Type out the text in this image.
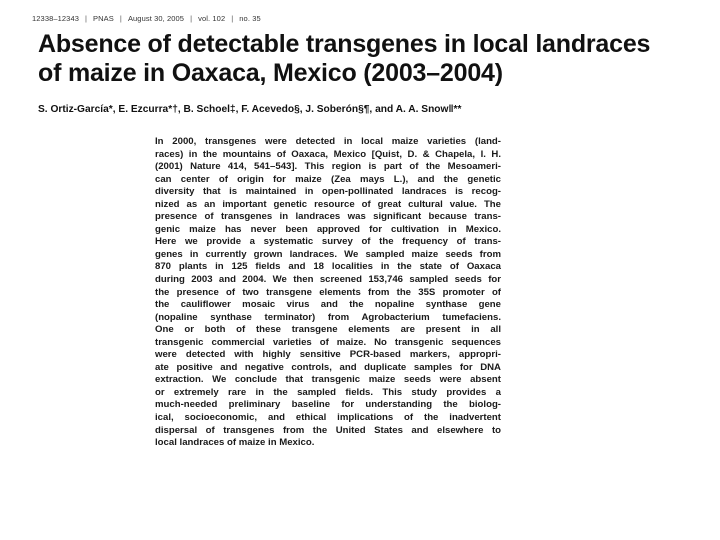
12338–12343 | PNAS | August 30, 2005 | vol. 102 | no. 35
Absence of detectable transgenes in local landraces
of maize in Oaxaca, Mexico (2003–2004)
S. Ortiz-García*, E. Ezcurra*†, B. Schoel‡, F. Acevedo§, J. Soberón§¶, and A. A. Snow‖**

In 2000, transgenes were detected in local maize varieties (land-
races) in the mountains of Oaxaca, Mexico [Quist, D. & Chapela, I. H.
(2001) Nature 414, 541–543]. This region is part of the Mesoameri-
can center of origin for maize (Zea mays L.), and the genetic
diversity that is maintained in open-pollinated landraces is recog-
nized as an important genetic resource of great cultural value. The
presence of transgenes in landraces was significant because trans-
genic maize has never been approved for cultivation in Mexico.
Here we provide a systematic survey of the frequency of trans-
genes in currently grown landraces. We sampled maize seeds from
870 plants in 125 fields and 18 localities in the state of Oaxaca
during 2003 and 2004. We then screened 153,746 sampled seeds for
the presence of two transgene elements from the 35S promoter of
the cauliflower mosaic virus and the nopaline synthase gene
(nopaline synthase terminator) from Agrobacterium tumefaciens.
One or both of these transgene elements are present in all
transgenic commercial varieties of maize. No transgenic sequences
were detected with highly sensitive PCR-based markers, appropri-
ate positive and negative controls, and duplicate samples for DNA
extraction. We conclude that transgenic maize seeds were absent
or extremely rare in the sampled fields. This study provides a
much-needed preliminary baseline for understanding the biolog-
ical, socioeconomic, and ethical implications of the inadvertent
dispersal of transgenes from the United States and elsewhere to
local landraces of maize in Mexico.
